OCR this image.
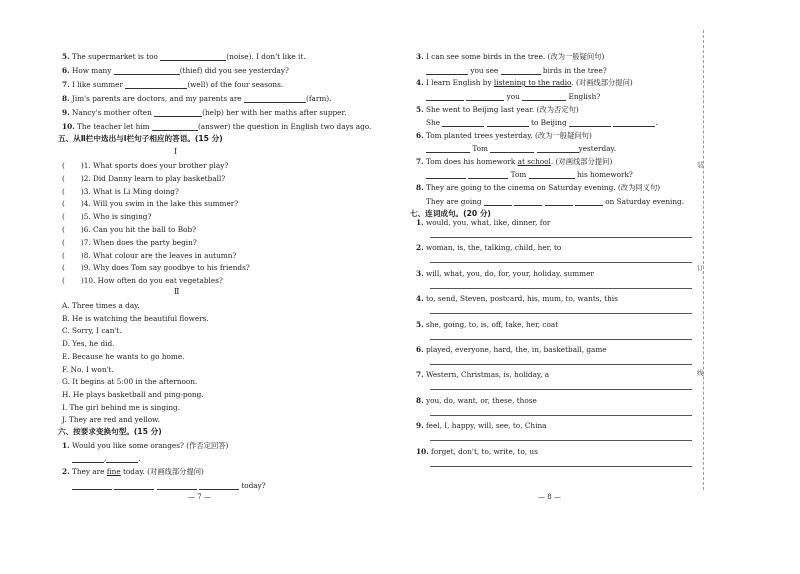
5. The supermarket is too	(noise). I don't like it.
6. How many	(thief) did you see yesterday?
7. I like summer	(well) of the four seasons.
8. Jim's parents are doctors, and my parents are	(farm).
9. Nancy's mother often	(help) her with her maths after supper.
10. The teacher let him	(answer) the question in English two days ago.
五、从Ⅱ栏中选出与Ⅰ栏句子相应的答语。(15 分)
Ⅰ
( )1. What sports does your brother play?
( )2. Did Danny learn to play basketball?
( )3. What is Li Ming doing?
( )4. Will you swim in the lake this summer?
( )5. Who is singing?
( )6. Can you hit the ball to Bob?
( )7. When does the party begin?
( )8. What colour are the leaves in autumn?
( )9. Why does Tom say goodbye to his friends?
( )10. How often do you eat vegetables?
Ⅱ
A. Three times a day.
B. He is watching the beautiful flowers.
C. Sorry, I can't.
D. Yes, he did.
E. Because he wants to go home.
F. No, I won't.
G. It begins at 5:00 in the afternoon.
H. He plays basketball and ping-pong.
I. The girl behind me is singing.
J. They are red and yellow.
六、按要求变换句型。(15 分)
1. Would you like some oranges? (作否定回答)
,	.
2. They are fine today. (对画线部分提问)
today?
— 7 —
3. I can see some birds in the tree. (改为一般疑问句)
you see	birds in the tree?
4. I learn English by listening to the radio. (对画线部分提问)
you	English?
5. She went to Beijing last year. (改为否定句)
She	to Beijing	.
6. Tom planted trees yesterday. (改为一般疑问句)
Tom	yesterday.
7. Tom does his homework at school. (对画线部分提问)
Tom	his homework?
8. They are going to the cinema on Saturday evening. (改为同义句)
They are going	on Saturday evening.
七、连词成句。(20 分)
1. would, you, what, like, dinner, for
2. woman, is, the, talking, child, her, to
3. will, what, you, do, for, your, holiday, summer
4. to, send, Steven, postcard, his, mum, to, wants, this
5. she, going, to, is, off, take, her, coat
6. played, everyone, hard, the, in, basketball, game
7. Western, Christmas, is, holiday, a
8. you, do, want, or, these, those
9. feel, I, happy, will, see, to, China
10. forget, don't, to, write, to, us
— 8 —
装
订
线
